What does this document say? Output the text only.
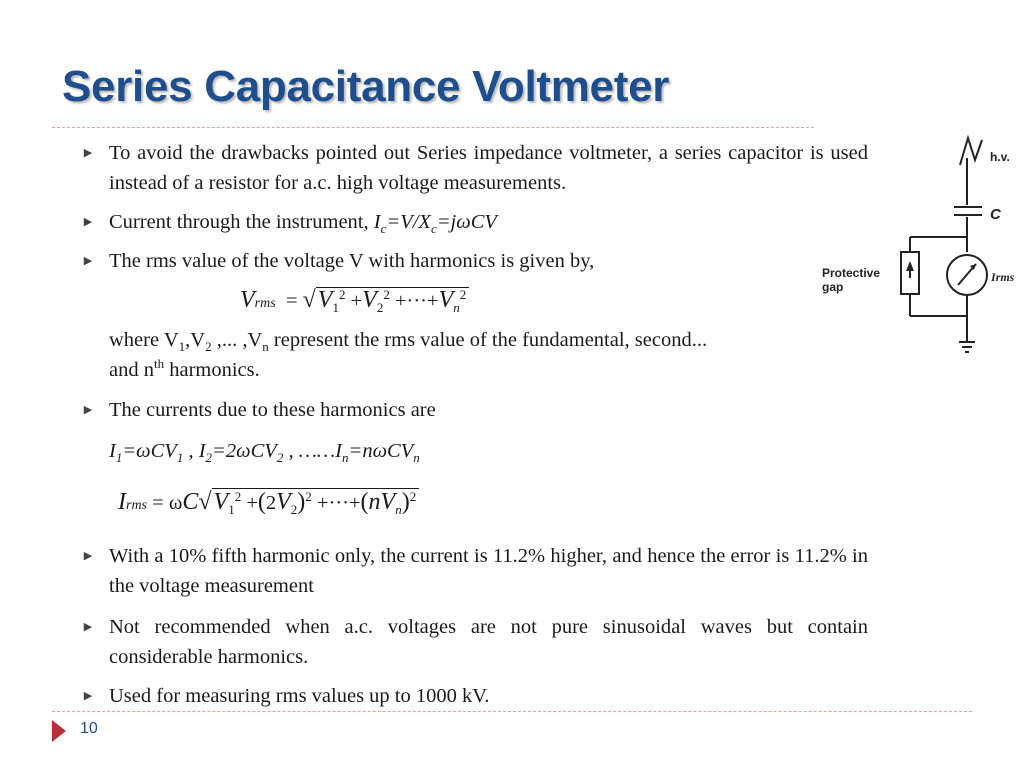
Series Capacitance Voltmeter
▶ To avoid the drawbacks pointed out Series impedance voltmeter, a series capacitor is used instead of a resistor for a.c. high voltage measurements.
▶ Current through the instrument, $I_c=V/X_c=j\omega CV$
▶ The rms value of the voltage V with harmonics is given by,
Vrms  = $√V_1^2 +V_2^2 +\cdot\cdot\cdot+V_n^2$
where $V_1,V_2$ ,... $,V_n$ represent the rms value of the fundamental, second...
and $n^{th}$ harmonics.
▶ The currents due to these harmonics are
$I_1=\omega CV_1$ , $I_2=2\omega CV_2$ , $\dots\dots I_n=n\omega CV_n$
Irms = $\omega C√V_1^2 +(2V_2)^2 +\cdot\cdot\cdot+(nV_n)^2$
▶ With a 10% fifth harmonic only, the current is 11.2% higher, and hence the error is 11.2% in the voltage measurement
▶ Not recommended when a.c. voltages are not pure sinusoidal waves but contain considerable harmonics.
▶ Used for measuring rms values up to 1000 kV.
h.v.
C
Protective
gap
Irms
10
